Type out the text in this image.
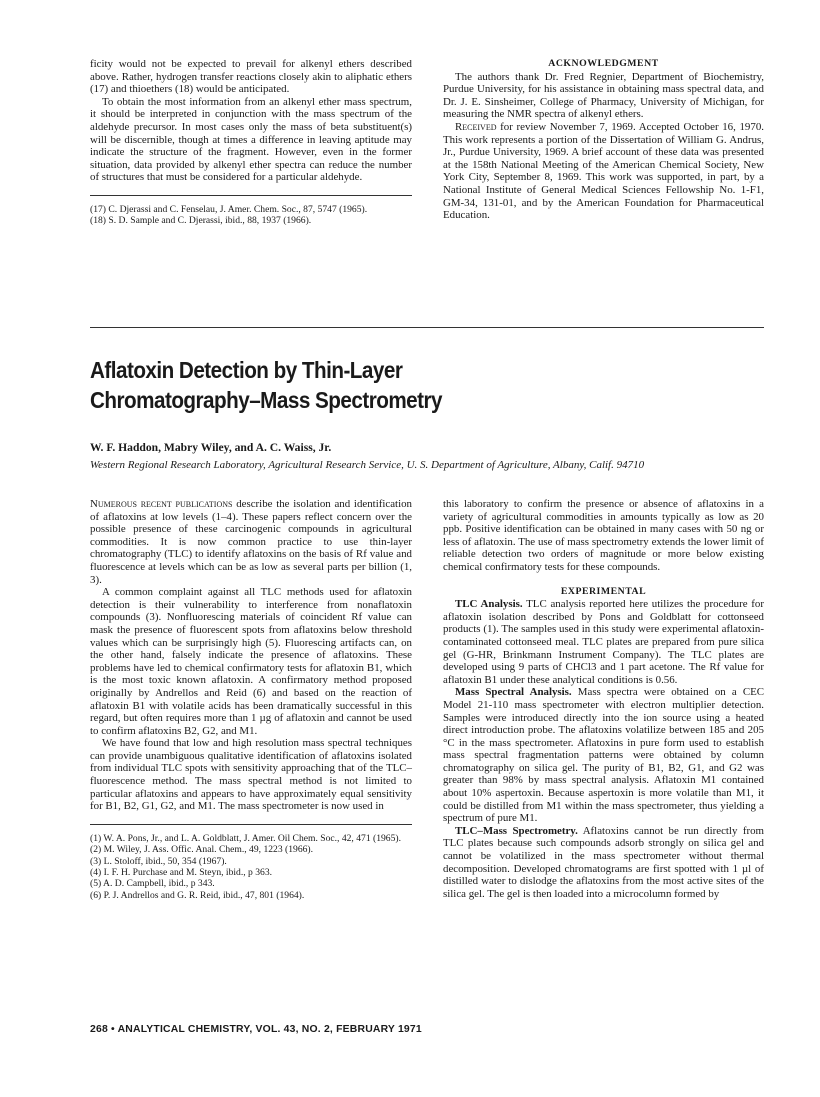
ficity would not be expected to prevail for alkenyl ethers described above. Rather, hydrogen transfer reactions closely akin to aliphatic ethers (17) and thioethers (18) would be anticipated.

To obtain the most information from an alkenyl ether mass spectrum, it should be interpreted in conjunction with the mass spectrum of the aldehyde precursor. In most cases only the mass of beta substituent(s) will be discernible, though at times a difference in leaving aptitude may indicate the structure of the fragment. However, even in the former situation, data provided by alkenyl ether spectra can reduce the number of structures that must be considered for a particular aldehyde.

(17) C. Djerassi and C. Fenselau, J. Amer. Chem. Soc., 87, 5747 (1965).
(18) S. D. Sample and C. Djerassi, ibid., 88, 1937 (1966).

ACKNOWLEDGMENT

The authors thank Dr. Fred Regnier, Department of Biochemistry, Purdue University, for his assistance in obtaining mass spectral data, and Dr. J. E. Sinsheimer, College of Pharmacy, University of Michigan, for measuring the NMR spectra of alkenyl ethers.

Received for review November 7, 1969. Accepted October 16, 1970. This work represents a portion of the Dissertation of William G. Andrus, Jr., Purdue University, 1969. A brief account of these data was presented at the 158th National Meeting of the American Chemical Society, New York City, September 8, 1969. This work was supported, in part, by a National Institute of General Medical Sciences Fellowship No. 1-F1, GM-34, 131-01, and by the American Foundation for Pharmaceutical Education.

Aflatoxin Detection by Thin-Layer
Chromatography–Mass Spectrometry
W. F. Haddon, Mabry Wiley, and A. C. Waiss, Jr.
Western Regional Research Laboratory, Agricultural Research Service, U. S. Department of Agriculture, Albany, Calif. 94710

Numerous recent publications describe the isolation and identification of aflatoxins at low levels (1–4). These papers reflect concern over the possible presence of these carcinogenic compounds in agricultural commodities. It is now common practice to use thin-layer chromatography (TLC) to identify aflatoxins on the basis of Rf value and fluorescence at levels which can be as low as several parts per billion (1, 3).

A common complaint against all TLC methods used for aflatoxin detection is their vulnerability to interference from nonaflatoxin compounds (3). Nonfluorescing materials of coincident Rf value can mask the presence of fluorescent spots from aflatoxins below threshold values which can be surprisingly high (5). Fluorescing artifacts can, on the other hand, falsely indicate the presence of aflatoxins. These problems have led to chemical confirmatory tests for aflatoxin B1, which is the most toxic known aflatoxin. A confirmatory method proposed originally by Andrellos and Reid (6) and based on the reaction of aflatoxin B1 with volatile acids has been dramatically successful in this regard, but often requires more than 1 µg of aflatoxin and cannot be used to confirm aflatoxins B2, G2, and M1.

We have found that low and high resolution mass spectral techniques can provide unambiguous qualitative identification of aflatoxins isolated from individual TLC spots with sensitivity approaching that of the TLC–fluorescence method. The mass spectral method is not limited to particular aflatoxins and appears to have approximately equal sensitivity for B1, B2, G1, G2, and M1. The mass spectrometer is now used in

(1) W. A. Pons, Jr., and L. A. Goldblatt, J. Amer. Oil Chem. Soc., 42, 471 (1965).
(2) M. Wiley, J. Ass. Offic. Anal. Chem., 49, 1223 (1966).
(3) L. Stoloff, ibid., 50, 354 (1967).
(4) I. F. H. Purchase and M. Steyn, ibid., p 363.
(5) A. D. Campbell, ibid., p 343.
(6) P. J. Andrellos and G. R. Reid, ibid., 47, 801 (1964).

this laboratory to confirm the presence or absence of aflatoxins in a variety of agricultural commodities in amounts typically as low as 20 ppb. Positive identification can be obtained in many cases with 50 ng or less of aflatoxin. The use of mass spectrometry extends the lower limit of reliable detection two orders of magnitude or more below existing chemical confirmatory tests for these compounds.

EXPERIMENTAL

TLC Analysis. TLC analysis reported here utilizes the procedure for aflatoxin isolation described by Pons and Goldblatt for cottonseed products (1). The samples used in this study were experimental aflatoxin-contaminated cottonseed meal. TLC plates are prepared from pure silica gel (G-HR, Brinkmann Instrument Company). The TLC plates are developed using 9 parts of CHCl3 and 1 part acetone. The Rf value for aflatoxin B1 under these analytical conditions is 0.56.

Mass Spectral Analysis. Mass spectra were obtained on a CEC Model 21-110 mass spectrometer with electron multiplier detection. Samples were introduced directly into the ion source using a heated direct introduction probe. The aflatoxins volatilize between 185 and 205 °C in the mass spectrometer. Aflatoxins in pure form used to establish mass spectral fragmentation patterns were obtained by column chromatography on silica gel. The purity of B1, B2, G1, and G2 was greater than 98% by mass spectral analysis. Aflatoxin M1 contained about 10% aspertoxin. Because aspertoxin is more volatile than M1, it could be distilled from M1 within the mass spectrometer, thus yielding a spectrum of pure M1.

TLC–Mass Spectrometry. Aflatoxins cannot be run directly from TLC plates because such compounds adsorb strongly on silica gel and cannot be volatilized in the mass spectrometer without thermal decomposition. Developed chromatograms are first spotted with 1 µl of distilled water to dislodge the aflatoxins from the most active sites of the silica gel. The gel is then loaded into a microcolumn formed by

268 • ANALYTICAL CHEMISTRY, VOL. 43, NO. 2, FEBRUARY 1971
